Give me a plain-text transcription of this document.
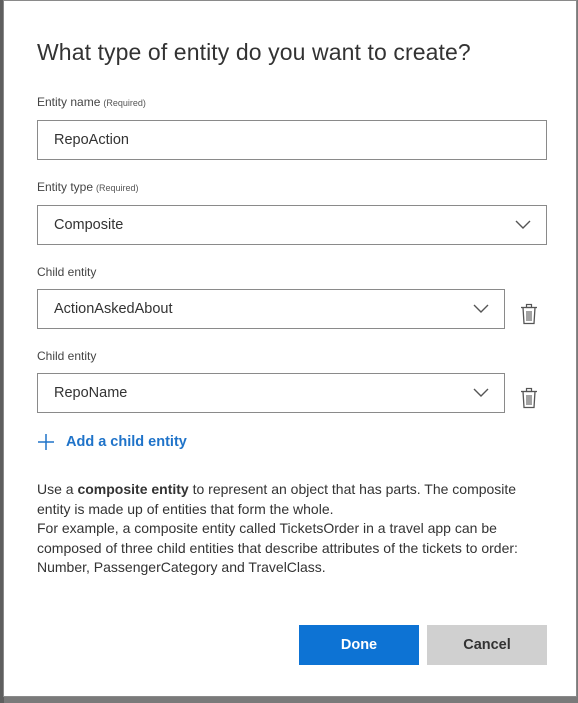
What type of entity do you want to create?
Entity name (Required)
RepoAction
Entity type (Required)
Composite
Child entity
ActionAskedAbout
Child entity
RepoName
Add a child entity

Use a composite entity to represent an object that has parts. The composite entity is made up of entities that form the whole.

For example, a composite entity called TicketsOrder in a travel app can be composed of three child entities that describe attributes of the tickets to order: Number, PassengerCategory and TravelClass.

Done	Cancel
